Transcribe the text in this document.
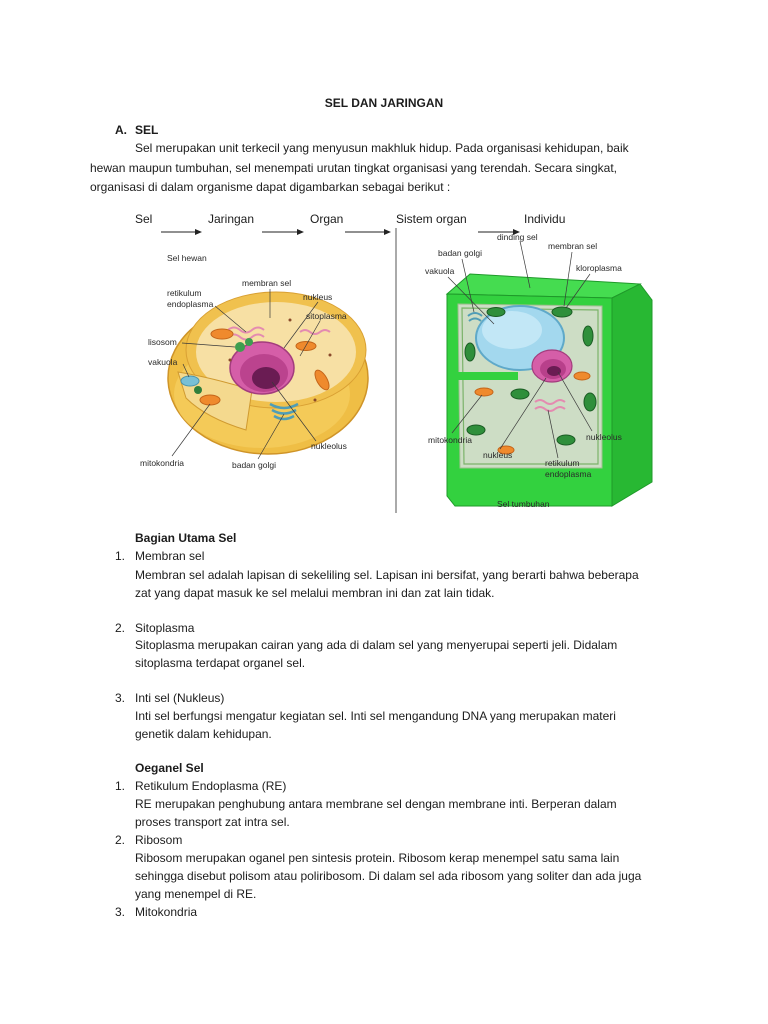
Sel hewan
membran sel
retikulum
endoplasma
nukleus
sitoplasma
lisosom
vakuola
nukleolus
mitokondria	badan golgi
dinding sel
badan golgi
membran sel
vakuola	kloroplasma
mitokondria	nukleolus
nukleus
retikulum
endoplasma
Sel tumbuhan
SEL DAN JARINGAN
A. SEL
Sel merupakan unit terkecil yang menyusun makhluk hidup. Pada organisasi kehidupan, baik
hewan maupun tumbuhan, sel menempati urutan tingkat organisasi yang terendah. Secara singkat,
organisasi di dalam organisme dapat digambarkan sebagai berikut :
Sel	Jaringan	Organ	Sistem organ	Individu
Bagian Utama Sel
1. Membran sel
Membran sel adalah lapisan di sekeliling sel. Lapisan ini bersifat, yang berarti bahwa beberapa
zat yang dapat masuk ke sel melalui membran ini dan zat lain tidak.
2. Sitoplasma
Sitoplasma merupakan cairan yang ada di dalam sel yang menyerupai seperti jeli. Didalam
sitoplasma terdapat organel sel.
3. Inti sel (Nukleus)
Inti sel berfungsi mengatur kegiatan sel. Inti sel mengandung DNA yang merupakan materi
genetik dalam kehidupan.
Oeganel Sel
1. Retikulum Endoplasma (RE)
RE merupakan penghubung antara membrane sel dengan membrane inti. Berperan dalam
proses transport zat intra sel.
2. Ribosom
Ribosom merupakan oganel pen sintesis protein. Ribosom kerap menempel satu sama lain
sehingga disebut polisom atau poliribosom. Di dalam sel ada ribosom yang soliter dan ada juga
yang menempel di RE.
3. Mitokondria
